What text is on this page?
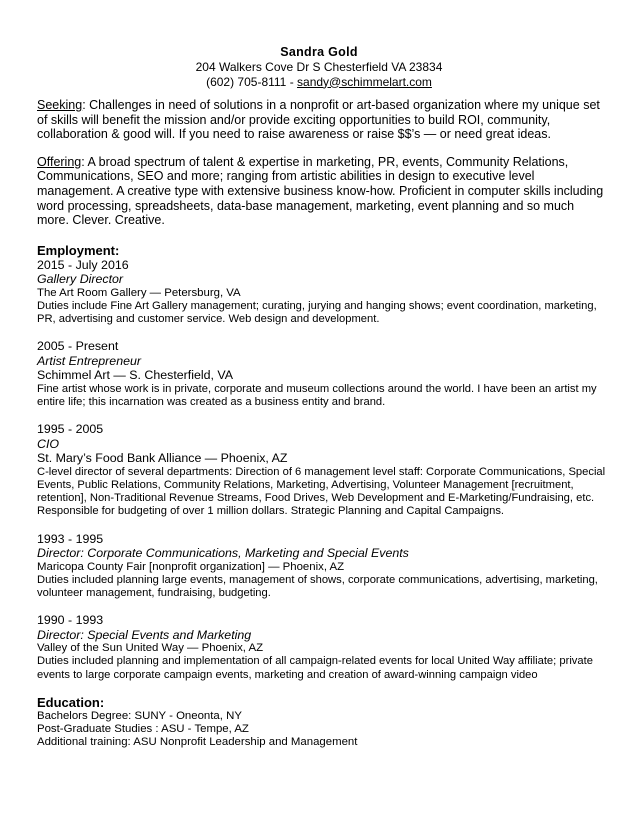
Sandra Gold
204 Walkers Cove Dr S Chesterfield VA 23834
(602) 705-8111 - sandy@schimmelart.com

Seeking: Challenges in need of solutions in a nonprofit or art-based organization where my unique set of skills will benefit the mission and/or provide exciting opportunities to build ROI, community, collaboration & good will. If you need to raise awareness or raise $$’s — or need great ideas.

Offering: A broad spectrum of talent & expertise in marketing, PR, events, Community Relations, Communications, SEO and more; ranging from artistic abilities in design to executive level management. A creative type with extensive business know-how. Proficient in computer skills including word processing, spreadsheets, data-base management, marketing, event planning and so much more. Clever. Creative.

Employment:
2015 - July 2016
Gallery Director
The Art Room Gallery — Petersburg, VA
Duties include Fine Art Gallery management; curating, jurying and hanging shows; event coordination, marketing, PR, advertising and customer service. Web design and development.
2005 - Present
Artist Entrepreneur
Schimmel Art — S. Chesterfield, VA
Fine artist whose work is in private, corporate and museum collections around the world. I have been an artist my entire life; this incarnation was created as a business entity and brand.
1995 - 2005
CIO
St. Mary’s Food Bank Alliance — Phoenix, AZ
C-level director of several departments: Direction of 6 management level staff: Corporate Communications, Special Events, Public Relations, Community Relations, Marketing, Advertising, Volunteer Management [recruitment, retention], Non-Traditional Revenue Streams, Food Drives, Web Development and E-Marketing/Fundraising, etc. Responsible for budgeting of over 1 million dollars. Strategic Planning and Capital Campaigns.
1993 - 1995
Director: Corporate Communications, Marketing and Special Events
Maricopa County Fair [nonprofit organization] — Phoenix, AZ
Duties included planning large events, management of shows, corporate communications, advertising, marketing, volunteer management, fundraising, budgeting.
1990 - 1993
Director: Special Events and Marketing
Valley of the Sun United Way — Phoenix, AZ
Duties included planning and implementation of all campaign-related events for local United Way affiliate; private events to large corporate campaign events, marketing and creation of award-winning campaign video
Education:
Bachelors Degree: SUNY - Oneonta, NY
Post-Graduate Studies : ASU - Tempe, AZ
Additional training: ASU Nonprofit Leadership and Management
